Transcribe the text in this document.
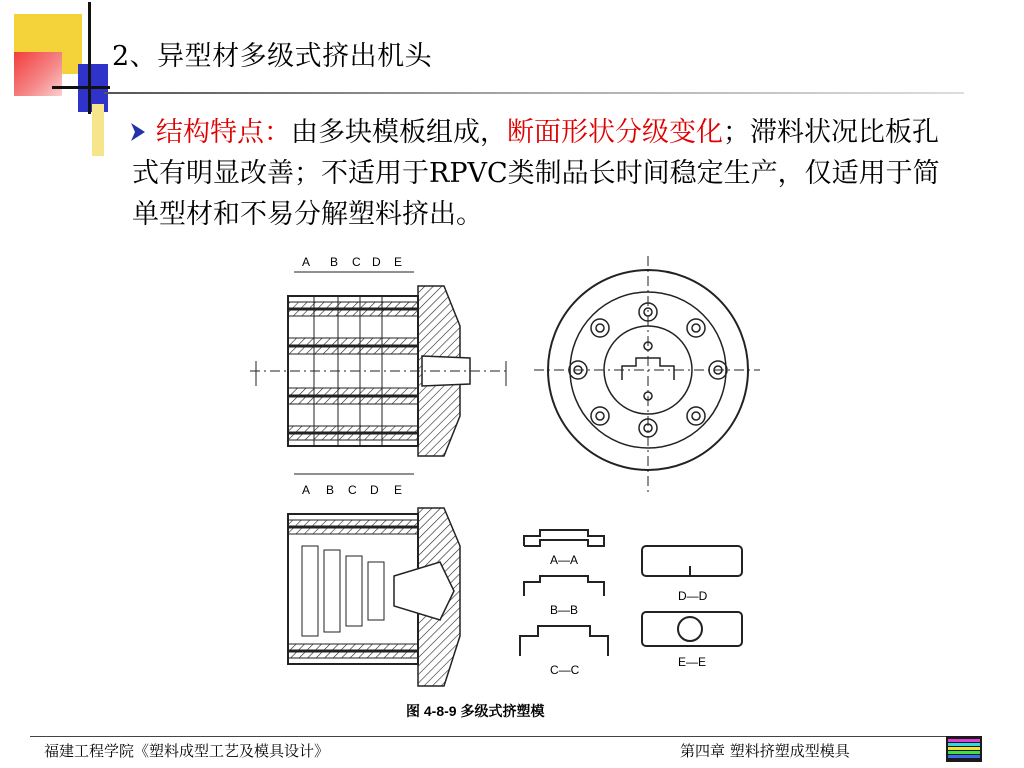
2、异型材多级式挤出机头

结构特点：由多块模板组成，断面形状分级变化；滞料状况比板孔式有明显改善；不适用于RPVC类制品长时间稳定生产，仅适用于简单型材和不易分解塑料挤出。

A B C D E
A B C D E
A—A
B—B
C—C
D—D
E—E
图 4-8-9 多级式挤塑模
福建工程学院《塑料成型工艺及模具设计》	第四章 塑料挤塑成型模具
